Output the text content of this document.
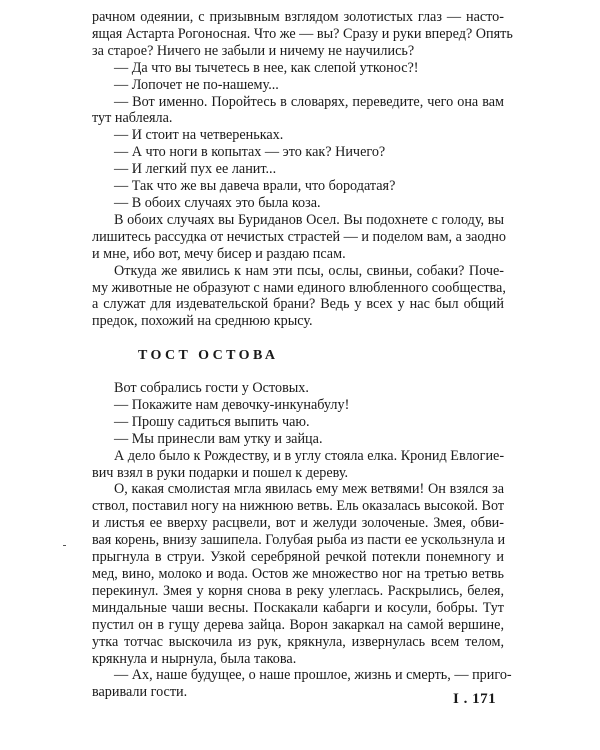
рачном одеянии, с призывным взглядом золотистых глаз — насто-
ящая Астарта Рогоносная. Что же — вы? Сразу и руки вперед? Опять
за старое? Ничего не забыли и ничему не научились?
— Да что вы тычетесь в нее, как слепой утконос?!
— Лопочет не по-нашему...
— Вот именно. Поройтесь в словарях, переведите, чего она вам
тут наблеяла.
— И стоит на четвереньках.
— А что ноги в копытах — это как? Ничего?
— И легкий пух ее ланит...
— Так что же вы давеча врали, что бородатая?
— В обоих случаях это была коза.
В обоих случаях вы Буриданов Осел. Вы подохнете с голоду, вы
лишитесь рассудка от нечистых страстей — и поделом вам, а заодно
и мне, ибо вот, мечу бисер и раздаю псам.
Откуда же явились к нам эти псы, ослы, свиньи, собаки? Поче-
му животные не образуют с нами единого влюбленного сообщества,
а служат для издевательской брани? Ведь у всех у нас был общий
предок, похожий на среднюю крысу.
ТОСТ ОСТОВА
Вот собрались гости у Остовых.
— Покажите нам девочку-инкунабулу!
— Прошу садиться выпить чаю.
— Мы принесли вам утку и зайца.
А дело было к Рождеству, и в углу стояла елка. Кронид Евлогие-
вич взял в руки подарки и пошел к дереву.
О, какая смолистая мгла явилась ему меж ветвями! Он взялся за
ствол, поставил ногу на нижнюю ветвь. Ель оказалась высокой. Вот
и листья ее вверху расцвели, вот и желуди золоченые. Змея, обви-
вая корень, внизу зашипела. Голубая рыба из пасти ее ускользнула и
прыгнула в струи. Узкой серебряной речкой потекли понемногу и
мед, вино, молоко и вода. Остов же множество ног на третью ветвь
перекинул. Змея у корня снова в реку улеглась. Раскрылись, белея,
миндальные чаши весны. Поскакали кабарги и косули, бобры. Тут
пустил он в гущу дерева зайца. Ворон закаркал на самой вершине,
утка тотчас выскочила из рук, крякнула, извернулась всем телом,
крякнула и нырнула, была такова.
— Ах, наше будущее, о наше прошлое, жизнь и смерть, — приго-
варивали гости.	I . 171
